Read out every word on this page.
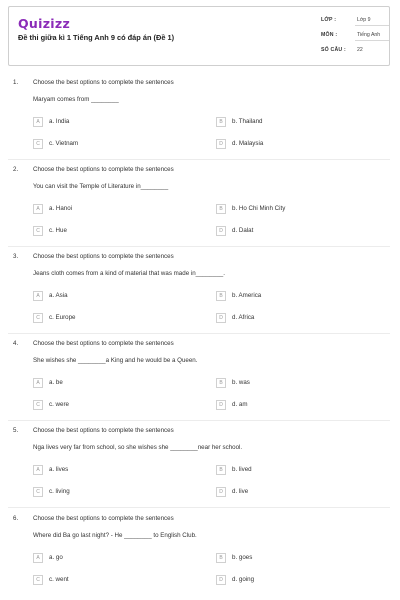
Quizizz
Đề thi giữa kì 1 Tiếng Anh 9 có đáp án (Đề 1)
LỚP :	Lớp 9
MÔN :	Tiếng Anh
SỐ CÂU : 22
1. Choose the best options to complete the sentences
Maryam comes from ________
A	a. India	B	b. Thailand
C	c. Vietnam	D	d. Malaysia
2. Choose the best options to complete the sentences
You can visit the Temple of Literature in________
A	a. Hanoi	B	b. Ho Chi Minh City
C	c. Hue	D	d. Dalat
3. Choose the best options to complete the sentences
Jeans cloth comes from a kind of material that was made in________.
A	a. Asia	B	b. America
C	c. Europe	D	d. Africa
4. Choose the best options to complete the sentences
She wishes she ________a King and he would be a Queen.
A	a. be	B	b. was
C	c. were	D	d. am
5. Choose the best options to complete the sentences
Nga lives very far from school, so she wishes she ________near her school.
A	a. lives	B	b. lived
C	c. living	D	d. live
6. Choose the best options to complete the sentences
Where did Ba go last night? - He ________ to English Club.
A	a. go	B	b. goes
C	c. went	D	d. going
